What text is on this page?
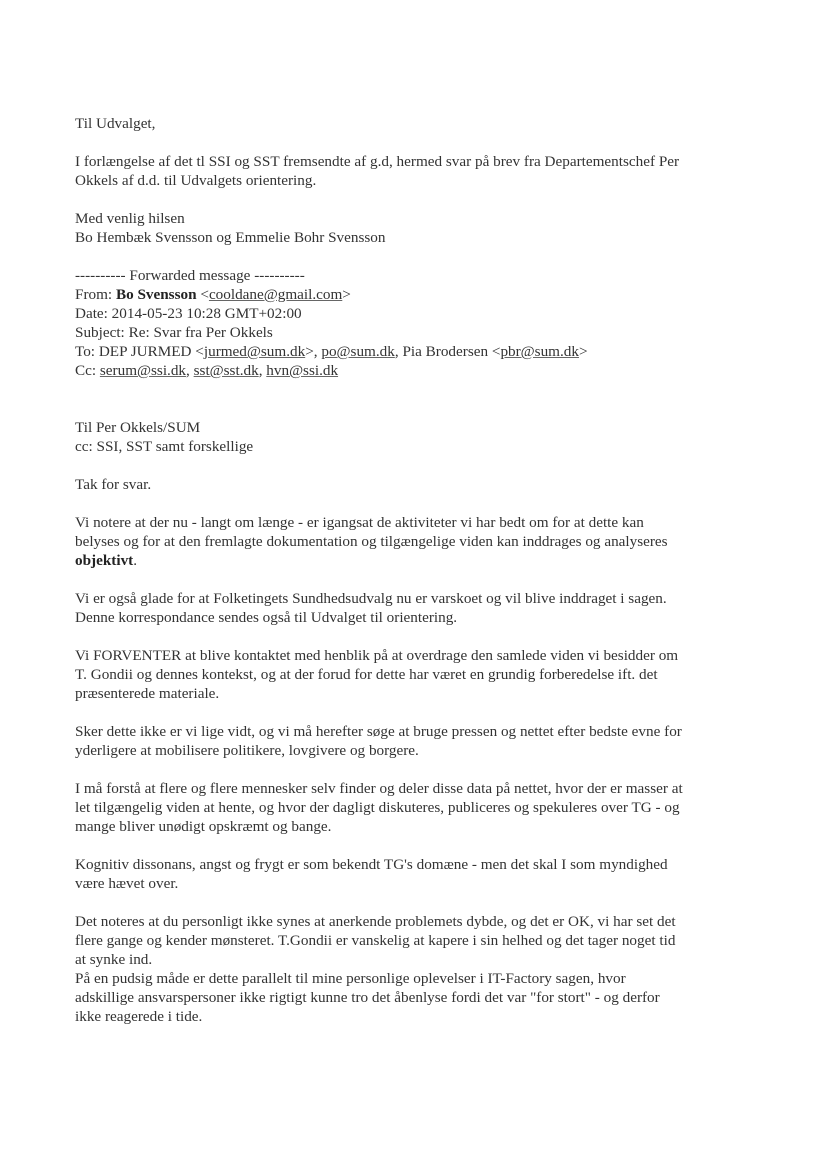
Til Udvalget,

I forlængelse af det tl SSI og SST fremsendte af g.d, hermed svar på brev fra Departementschef Per

Okkels af d.d. til Udvalgets orientering.

Med venlig hilsen

Bo Hembæk Svensson og Emmelie Bohr Svensson

---------- Forwarded message ----------

From: Bo Svensson <cooldane@gmail.com>

Date: 2014-05-23 10:28 GMT+02:00

Subject: Re: Svar fra Per Okkels

To: DEP JURMED <jurmed@sum.dk>, po@sum.dk, Pia Brodersen <pbr@sum.dk>

Cc: serum@ssi.dk, sst@sst.dk, hvn@ssi.dk

Til Per Okkels/SUM

cc: SSI, SST samt forskellige

Tak for svar.

Vi notere at der nu - langt om længe - er igangsat de aktiviteter vi har bedt om for at dette kan

belyses og for at den fremlagte dokumentation og tilgængelige viden kan inddrages og analyseres

objektivt.

Vi er også glade for at Folketingets Sundhedsudvalg nu er varskoet og vil blive inddraget i sagen.

Denne korrespondance sendes også til Udvalget til orientering.

Vi FORVENTER at blive kontaktet med henblik på at overdrage den samlede viden vi besidder om

T. Gondii og dennes kontekst, og at der forud for dette har været en grundig forberedelse ift. det

præsenterede materiale.

Sker dette ikke er vi lige vidt, og vi må herefter søge at bruge pressen og nettet efter bedste evne for

yderligere at mobilisere politikere, lovgivere og borgere.

I må forstå at flere og flere mennesker selv finder og deler disse data på nettet, hvor der er masser at

let tilgængelig viden at hente, og hvor der dagligt diskuteres, publiceres og spekuleres over TG - og

mange bliver unødigt opskræmt og bange.

Kognitiv dissonans, angst og frygt er som bekendt TG's domæne - men det skal I som myndighed

være hævet over.

Det noteres at du personligt ikke synes at anerkende problemets dybde, og det er OK, vi har set det

flere gange og kender mønsteret. T.Gondii er vanskelig at kapere i sin helhed og det tager noget tid

at synke ind.

På en pudsig måde er dette parallelt til mine personlige oplevelser i IT-Factory sagen, hvor

adskillige ansvarspersoner ikke rigtigt kunne tro det åbenlyse fordi det var "for stort" - og derfor

ikke reagerede i tide.
